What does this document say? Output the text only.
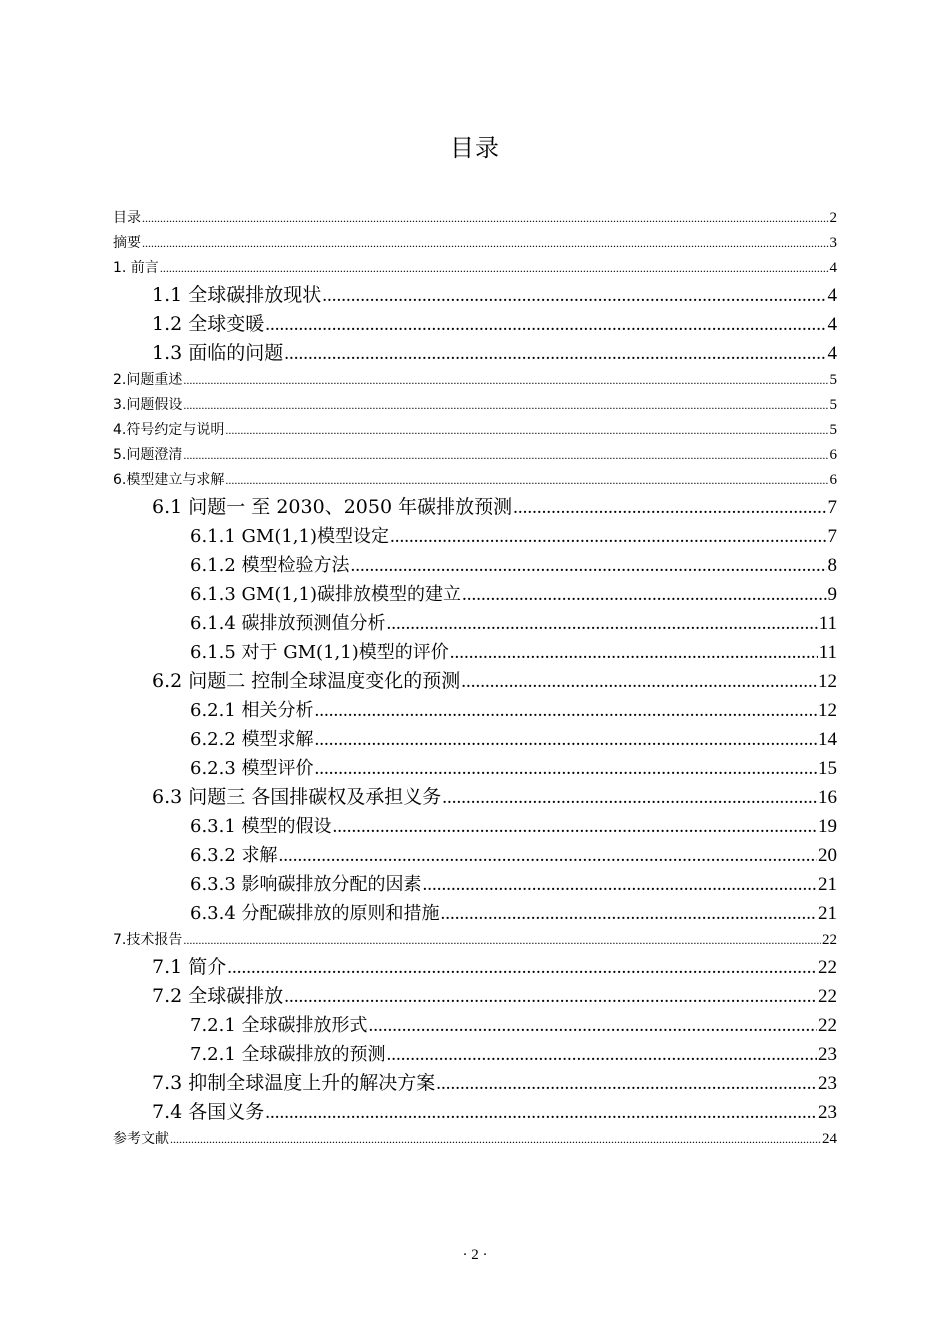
目录
目录 .....	2
摘要 .....	3
1. 前言 .....	4
1.1 全球碳排放现状 .....	4
1.2 全球变暖 .....	4
1.3 面临的问题 .....	4
2.问题重述 .....	5
3.问题假设 .....	5
4.符号约定与说明 .....	5
5.问题澄清 .....	6
6.模型建立与求解 .....	6
6.1 问题一 至 2030、2050 年碳排放预测 .....	7
6.1.1 GM(1,1)模型设定 .....	7
6.1.2 模型检验方法 .....	8
6.1.3 GM(1,1)碳排放模型的建立 .....	9
6.1.4 碳排放预测值分析 .....	11
6.1.5 对于 GM(1,1)模型的评价 .....	11
6.2 问题二 控制全球温度变化的预测 .....	12
6.2.1 相关分析 .....	12
6.2.2 模型求解 .....	14
6.2.3 模型评价 .....	15
6.3 问题三 各国排碳权及承担义务 .....	16
6.3.1 模型的假设 .....	19
6.3.2 求解 .....	20
6.3.3 影响碳排放分配的因素 .....	21
6.3.4 分配碳排放的原则和措施 .....	21
7.技术报告 .....	22
7.1 简介 .....	22
7.2 全球碳排放 .....	22
7.2.1 全球碳排放形式 .....	22
7.2.1 全球碳排放的预测 .....	23
7.3 抑制全球温度上升的解决方案 .....	23
7.4 各国义务 .....	23
参考文献 .....	24
· 2 ·
